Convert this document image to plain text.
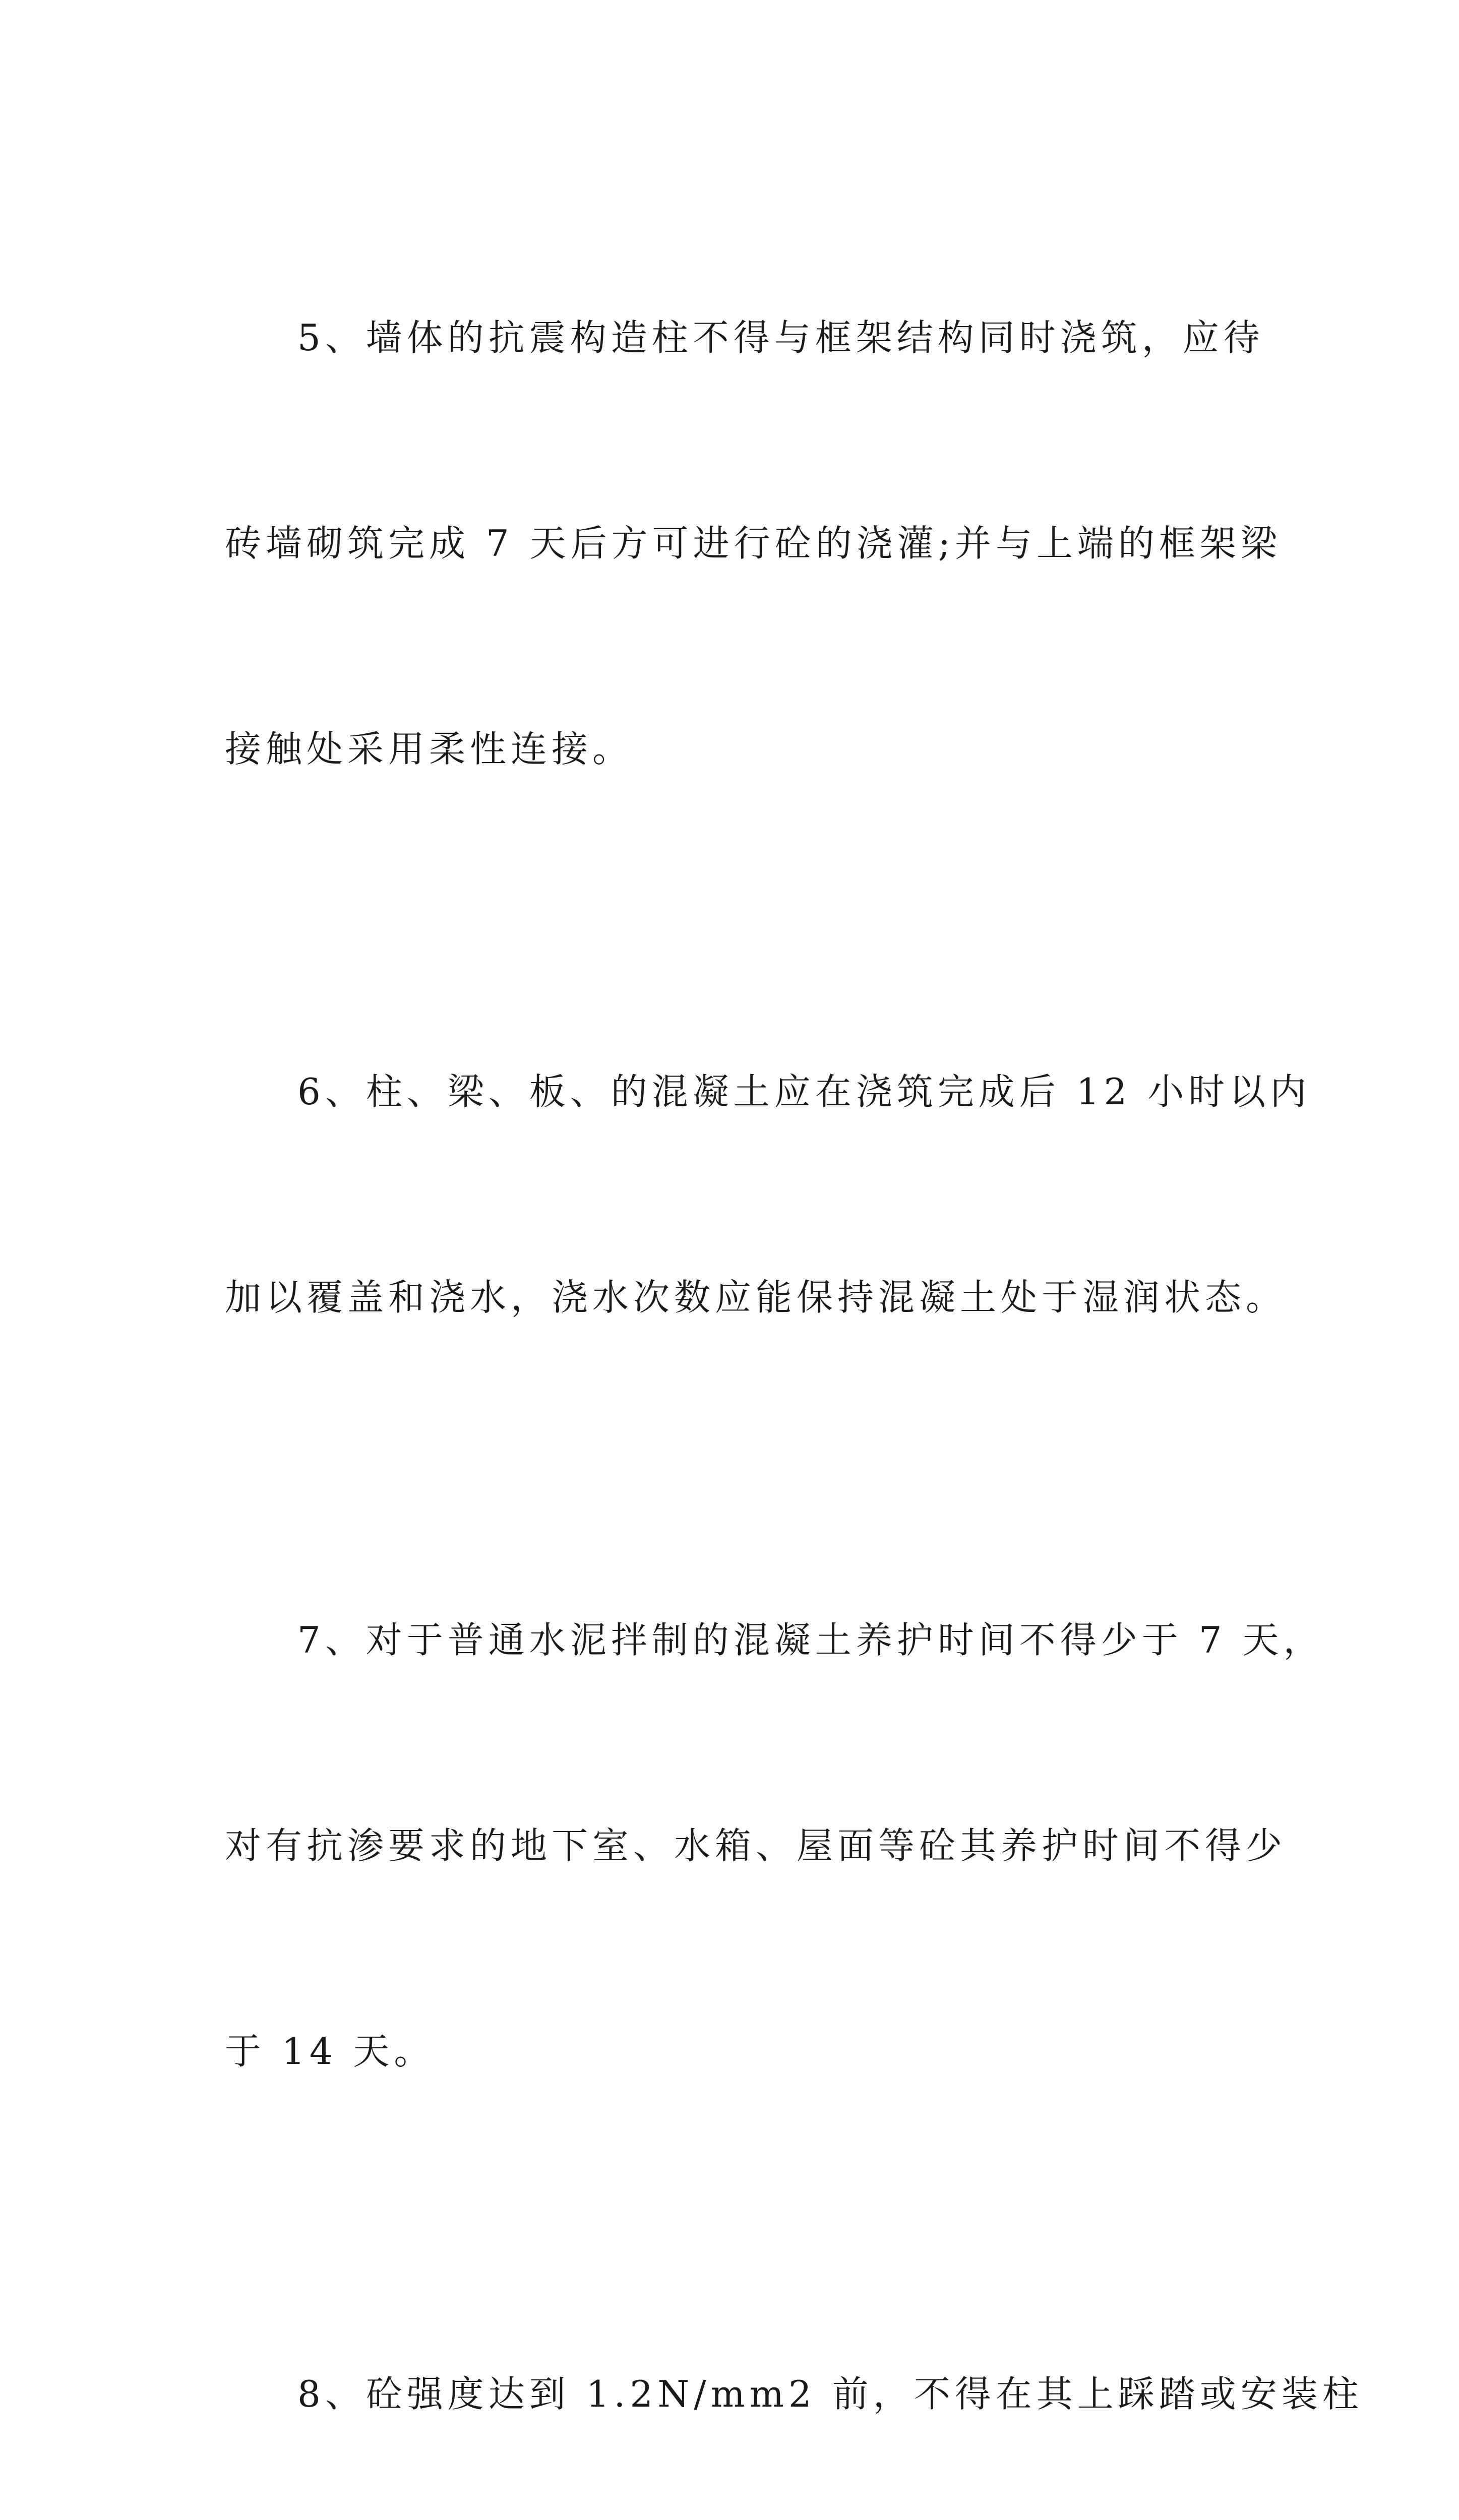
5、墙体的抗震构造柱不得与框架结构同时浇筑，应待

砖墙砌筑完成 7 天后方可进行砼的浇灌;并与上端的框架梁

接触处采用柔性连接。

6、柱、梁、板、的混凝土应在浇筑完成后 12 小时以内

加以覆盖和浇水，浇水次数应能保持混凝土处于湿润状态。

7、对于普通水泥拌制的混凝土养护时间不得少于 7 天，

对有抗渗要求的地下室、水箱、屋面等砼其养护时间不得少

于 14 天。

8、砼强度达到 1.2N/mm2 前，不得在其上踩踏或安装柱
